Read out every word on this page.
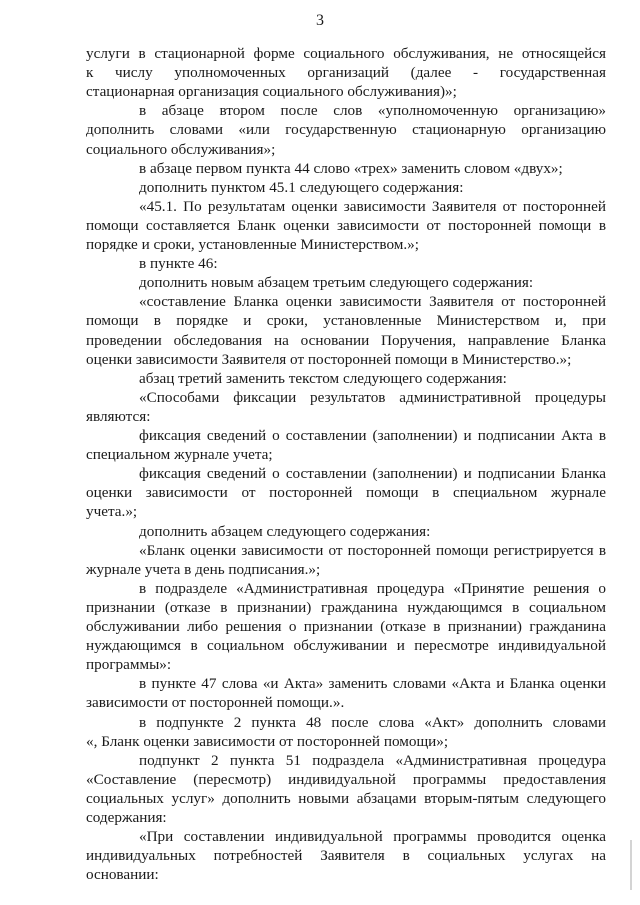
3
услуги в стационарной форме социального обслуживания, не относящейся
к числу уполномоченных организаций (далее - государственная
стационарная организация социального обслуживания)»;
в абзаце втором после слов «уполномоченную организацию»
дополнить словами «или государственную стационарную организацию
социального обслуживания»;
в абзаце первом пункта 44 слово «трех» заменить словом «двух»;
дополнить пунктом 45.1 следующего содержания:
«45.1. По результатам оценки зависимости Заявителя от посторонней
помощи составляется Бланк оценки зависимости от посторонней помощи в
порядке и сроки, установленные Министерством.»;
в пункте 46:
дополнить новым абзацем третьим следующего содержания:
«составление Бланка оценки зависимости Заявителя от посторонней
помощи в порядке и сроки, установленные Министерством и, при
проведении обследования на основании Поручения, направление Бланка
оценки зависимости Заявителя от посторонней помощи в Министерство.»;
абзац третий заменить текстом следующего содержания:
«Способами фиксации результатов административной процедуры
являются:
фиксация сведений о составлении (заполнении) и подписании Акта в
специальном журнале учета;
фиксация сведений о составлении (заполнении) и подписании Бланка
оценки зависимости от посторонней помощи в специальном журнале
учета.»;
дополнить абзацем следующего содержания:
«Бланк оценки зависимости от посторонней помощи регистрируется в
журнале учета в день подписания.»;
в подразделе «Административная процедура «Принятие решения о
признании (отказе в признании) гражданина нуждающимся в социальном
обслуживании либо решения о признании (отказе в признании) гражданина
нуждающимся в социальном обслуживании и пересмотре индивидуальной
программы»:
в пункте 47 слова «и Акта» заменить словами «Акта и Бланка оценки
зависимости от посторонней помощи.».
в подпункте 2 пункта 48 после слова «Акт» дополнить словами
«, Бланк оценки зависимости от посторонней помощи»;
подпункт 2 пункта 51 подраздела «Административная процедура
«Составление (пересмотр) индивидуальной программы предоставления
социальных услуг» дополнить новыми абзацами вторым-пятым следующего
содержания:
«При составлении индивидуальной программы проводится оценка
индивидуальных потребностей Заявителя в социальных услугах на
основании:
